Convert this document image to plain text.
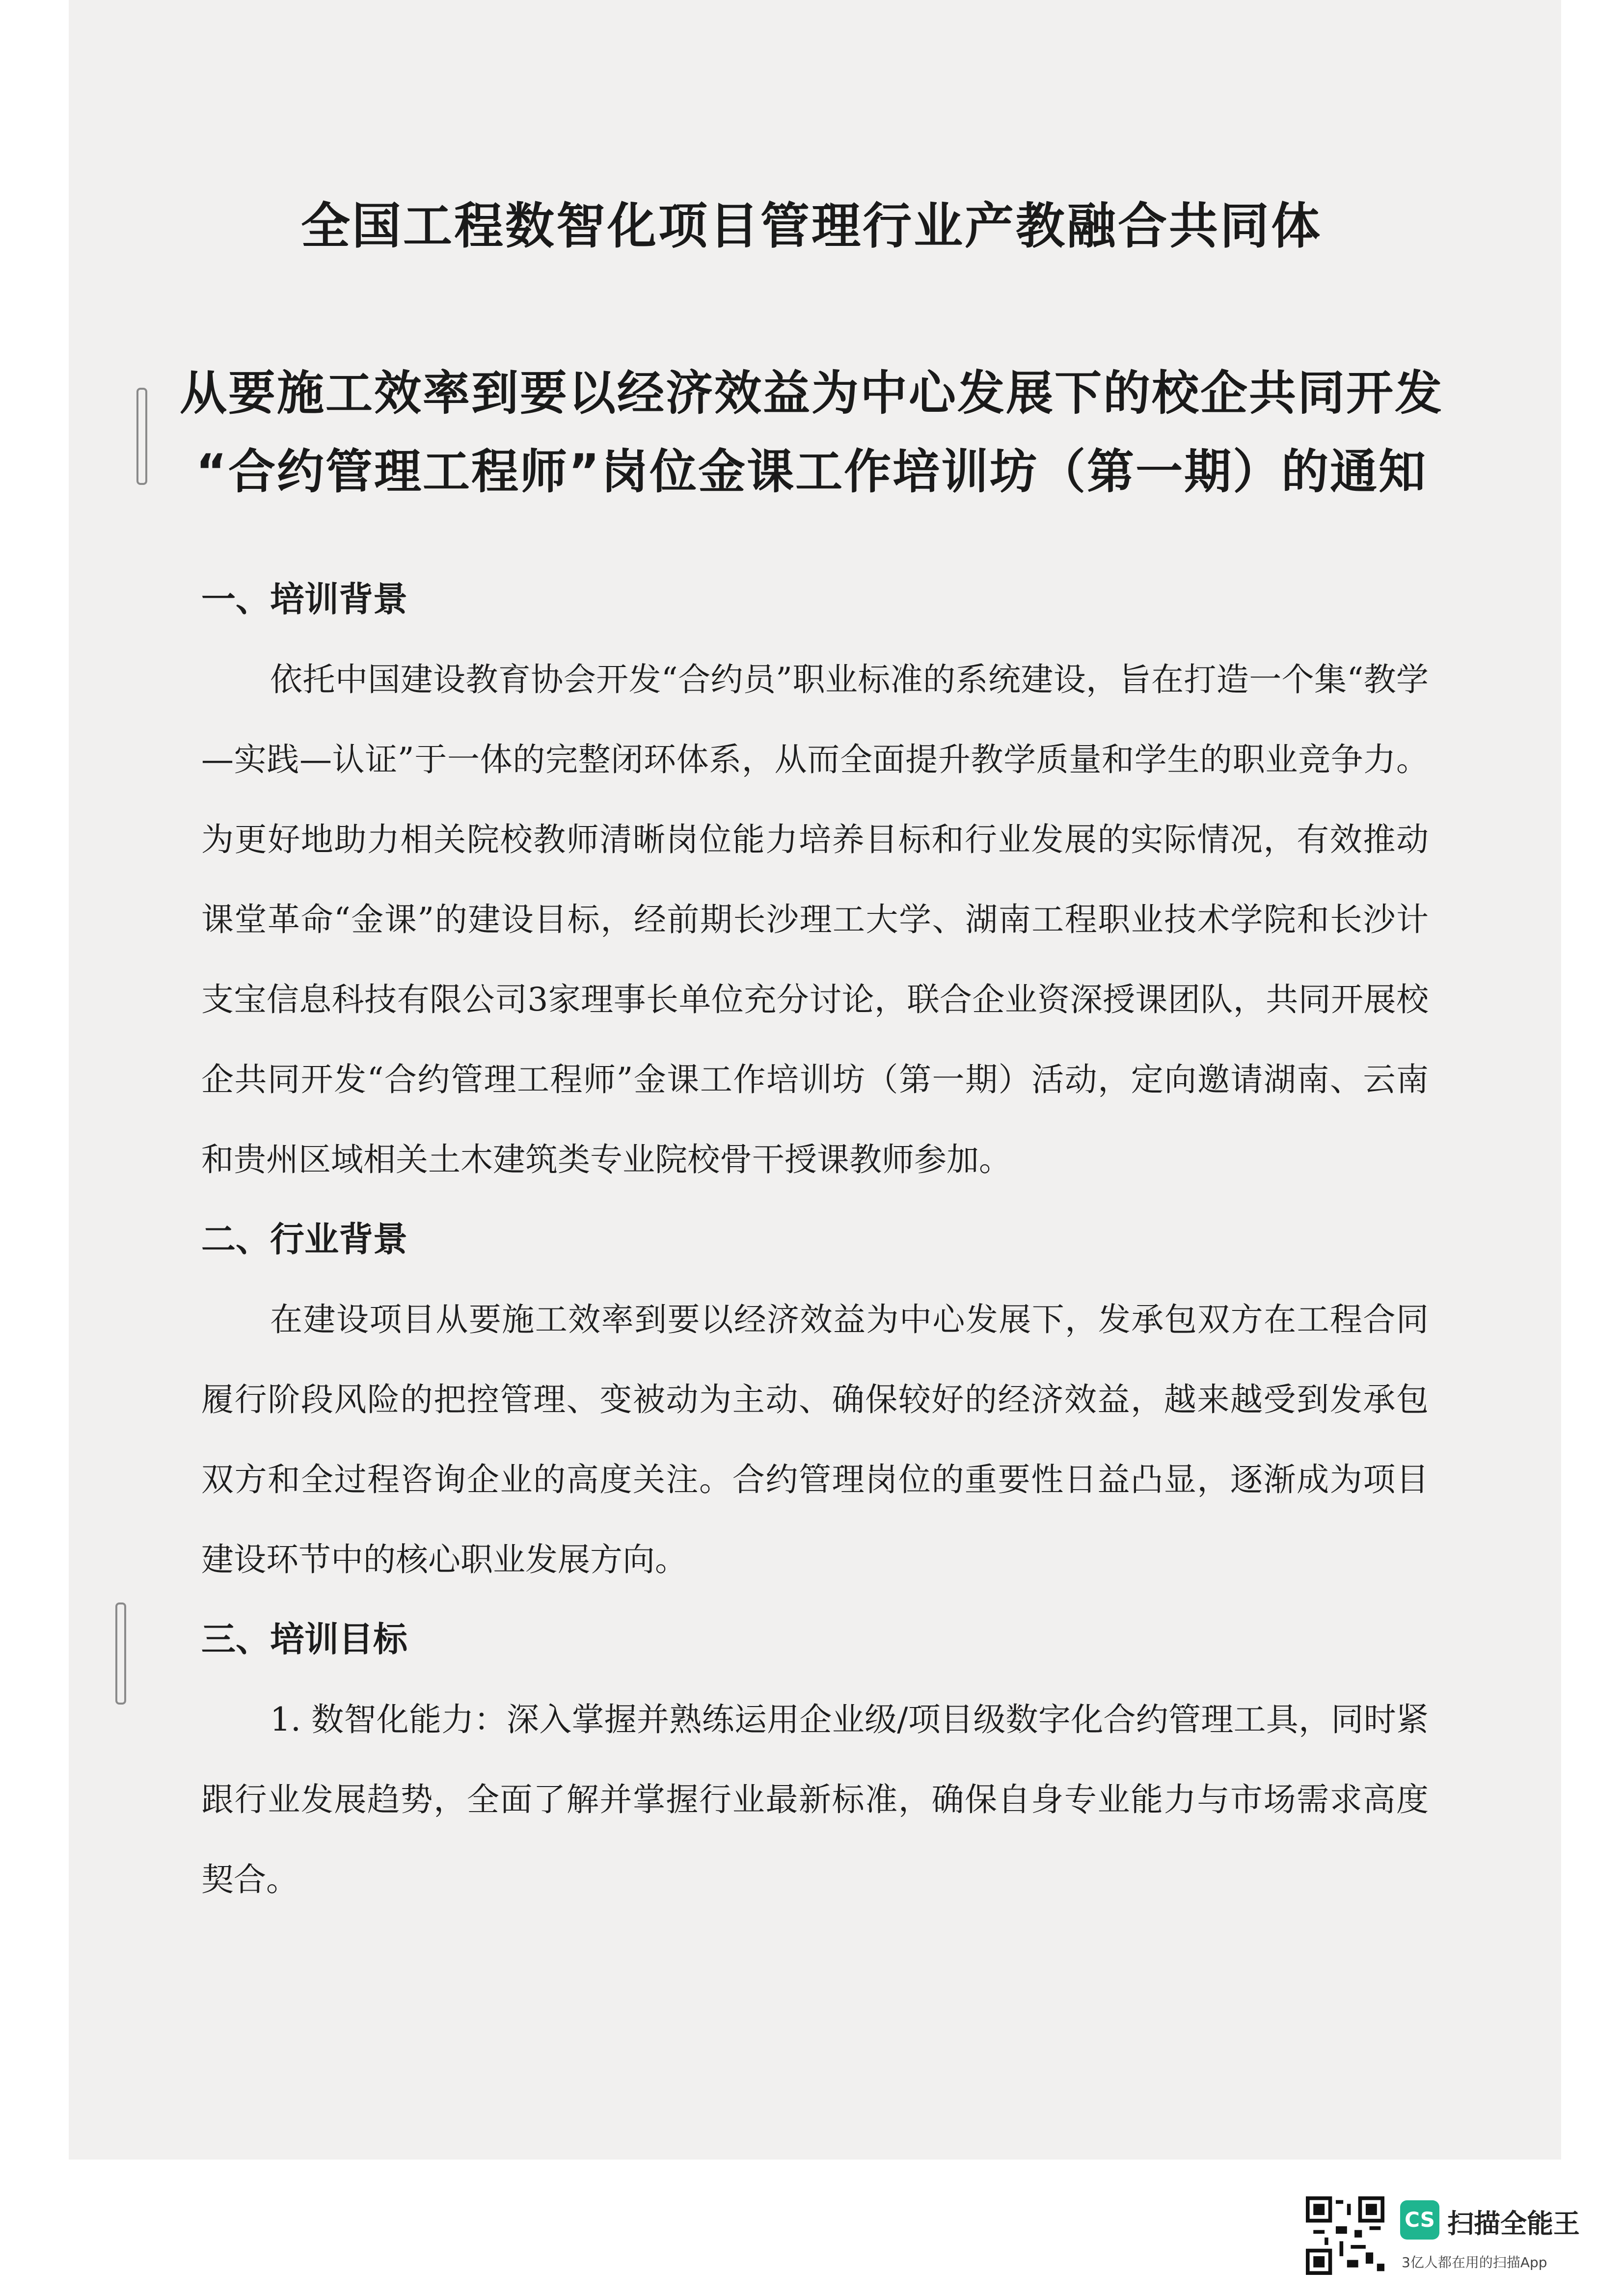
全国工程数智化项目管理行业产教融合共同体
从要施工效率到要以经济效益为中心发展下的校企共同开发
“合约管理工程师”岗位金课工作培训坊（第一期）的通知

一、培训背景

依托中国建设教育协会开发“合约员”职业标准的系统建设，旨在打造一个集“教学—实践—认证”于一体的完整闭环体系，从而全面提升教学质量和学生的职业竞争力。为更好地助力相关院校教师清晰岗位能力培养目标和行业发展的实际情况，有效推动课堂革命“金课”的建设目标，经前期长沙理工大学、湖南工程职业技术学院和长沙计支宝信息科技有限公司3家理事长单位充分讨论，联合企业资深授课团队，共同开展校企共同开发“合约管理工程师”金课工作培训坊（第一期）活动，定向邀请湖南、云南和贵州区域相关土木建筑类专业院校骨干授课教师参加。

二、行业背景

在建设项目从要施工效率到要以经济效益为中心发展下，发承包双方在工程合同履行阶段风险的把控管理、变被动为主动、确保较好的经济效益，越来越受到发承包双方和全过程咨询企业的高度关注。合约管理岗位的重要性日益凸显，逐渐成为项目建设环节中的核心职业发展方向。

三、培训目标

1. 数智化能力：深入掌握并熟练运用企业级/项目级数字化合约管理工具，同时紧跟行业发展趋势，全面了解并掌握行业最新标准，确保自身专业能力与市场需求高度契合。

CS 扫描全能王
3亿人都在用的扫描App
